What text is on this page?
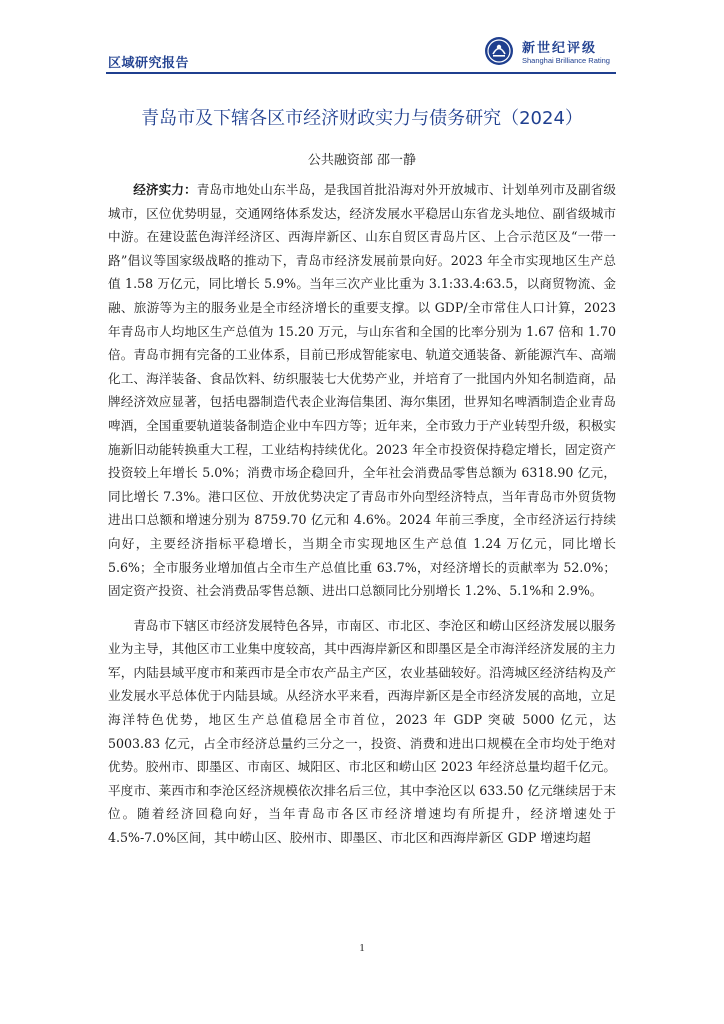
区域研究报告
新世纪评级
Shanghai Brilliance Rating
青岛市及下辖各区市经济财政实力与债务研究（2024）
公共融资部 邵一静

经济实力：青岛市地处山东半岛，是我国首批沿海对外开放城市、计划单列市及副省级城市，区位优势明显，交通网络体系发达，经济发展水平稳居山东省龙头地位、副省级城市中游。在建设蓝色海洋经济区、西海岸新区、山东自贸区青岛片区、上合示范区及“一带一路”倡议等国家级战略的推动下，青岛市经济发展前景向好。2023 年全市实现地区生产总值 1.58 万亿元，同比增长 5.9%。当年三次产业比重为 3.1:33.4:63.5，以商贸物流、金融、旅游等为主的服务业是全市经济增长的重要支撑。以 GDP/全市常住人口计算，2023 年青岛市人均地区生产总值为 15.20 万元，与山东省和全国的比率分别为 1.67 倍和 1.70 倍。青岛市拥有完备的工业体系，目前已形成智能家电、轨道交通装备、新能源汽车、高端化工、海洋装备、食品饮料、纺织服装七大优势产业，并培育了一批国内外知名制造商，品牌经济效应显著，包括电器制造代表企业海信集团、海尔集团，世界知名啤酒制造企业青岛啤酒，全国重要轨道装备制造企业中车四方等；近年来，全市致力于产业转型升级，积极实施新旧动能转换重大工程，工业结构持续优化。2023 年全市投资保持稳定增长，固定资产投资较上年增长 5.0%；消费市场企稳回升，全年社会消费品零售总额为 6318.90 亿元，同比增长 7.3%。港口区位、开放优势决定了青岛市外向型经济特点，当年青岛市外贸货物进出口总额和增速分别为 8759.70 亿元和 4.6%。2024 年前三季度，全市经济运行持续向好，主要经济指标平稳增长，当期全市实现地区生产总值 1.24 万亿元，同比增长 5.6%；全市服务业增加值占全市生产总值比重 63.7%，对经济增长的贡献率为 52.0%；固定资产投资、社会消费品零售总额、进出口总额同比分别增长 1.2%、5.1%和 2.9%。

青岛市下辖区市经济发展特色各异，市南区、市北区、李沧区和崂山区经济发展以服务业为主导，其他区市工业集中度较高，其中西海岸新区和即墨区是全市海洋经济发展的主力军，内陆县域平度市和莱西市是全市农产品主产区，农业基础较好。沿湾城区经济结构及产业发展水平总体优于内陆县域。从经济水平来看，西海岸新区是全市经济发展的高地，立足海洋特色优势，地区生产总值稳居全市首位，2023 年 GDP 突破 5000 亿元，达 5003.83 亿元，占全市经济总量约三分之一，投资、消费和进出口规模在全市均处于绝对优势。胶州市、即墨区、市南区、城阳区、市北区和崂山区 2023 年经济总量均超千亿元。平度市、莱西市和李沧区经济规模依次排名后三位，其中李沧区以 633.50 亿元继续居于末位。随着经济回稳向好，当年青岛市各区市经济增速均有所提升，经济增速处于 4.5%-7.0%区间，其中崂山区、胶州市、即墨区、市北区和西海岸新区 GDP 增速均超

1
